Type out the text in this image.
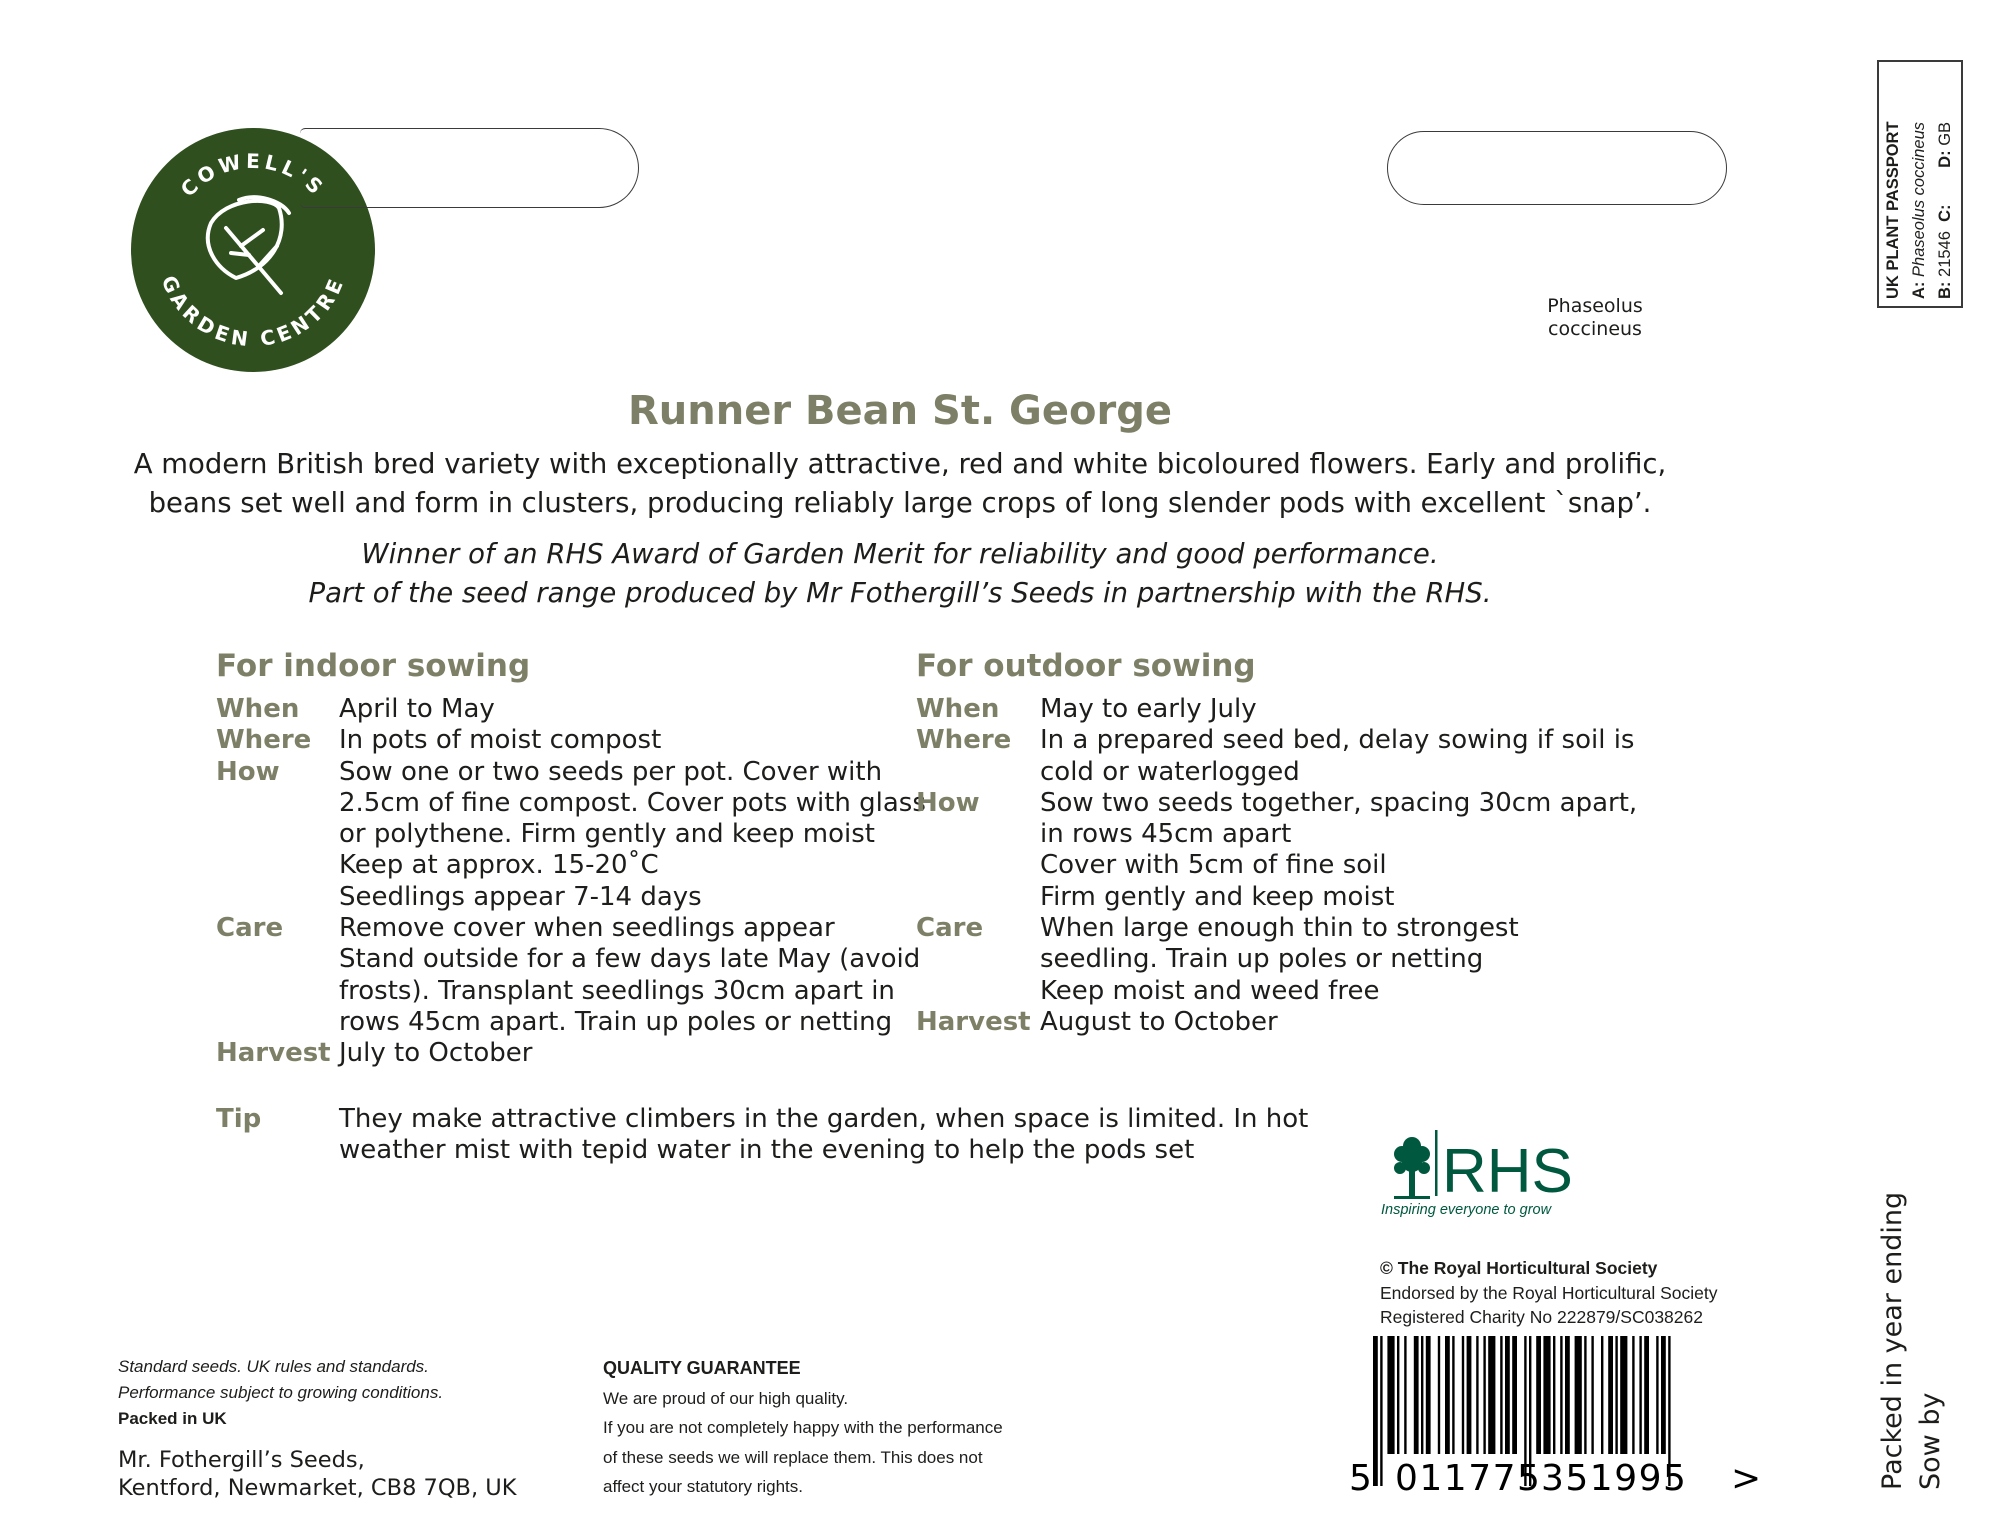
COWELL'S
GARDEN CENTRE
Phaseolus
coccineus
UK PLANT PASSPORT A: Phaseolus coccineus
B: 21546  C:        D: GB
Runner Bean St. George
A modern British bred variety with exceptionally attractive, red and white bicoloured flowers. Early and prolific,
beans set well and form in clusters, producing reliably large crops of long slender pods with excellent `snap’.
Winner of an RHS Award of Garden Merit for reliability and good performance.
Part of the seed range produced by Mr Fothergill’s Seeds in partnership with the RHS.
For indoor sowing
When	April to May

Where	In pots of moist compost

How	Sow one or two seeds per pot. Cover with
2.5cm of fine compost. Cover pots with glass
or polythene. Firm gently and keep moist
Keep at approx. 15-20˚C
Seedlings appear 7-14 days

Care	Remove cover when seedlings appear
Stand outside for a few days late May (avoid
frosts). Transplant seedlings 30cm apart in
rows 45cm apart. Train up poles or netting

Harvest	July to October
For outdoor sowing
When	May to early July

Where	In a prepared seed bed, delay sowing if soil is
cold or waterlogged

How	Sow two seeds together, spacing 30cm apart,
in rows 45cm apart
Cover with 5cm of fine soil
Firm gently and keep moist

Care	When large enough thin to strongest
seedling. Train up poles or netting
Keep moist and weed free

Harvest	August to October
Tip	They make attractive climbers in the garden, when space is limited. In hot
weather mist with tepid water in the evening to help the pods set	RHS
Inspiring everyone to grow
© The Royal Horticultural Society
Endorsed by the Royal Horticultural Society
Registered Charity No 222879/SC038262
5 011775 351995 >	Packed in year ending Sow by
Standard seeds. UK rules and standards.
Performance subject to growing conditions.
Packed in UK
Mr. Fothergill’s Seeds,
Kentford, Newmarket, CB8 7QB, UK
QUALITY GUARANTEE
We are proud of our high quality.
If you are not completely happy with the performance
of these seeds we will replace them. This does not
affect your statutory rights.
